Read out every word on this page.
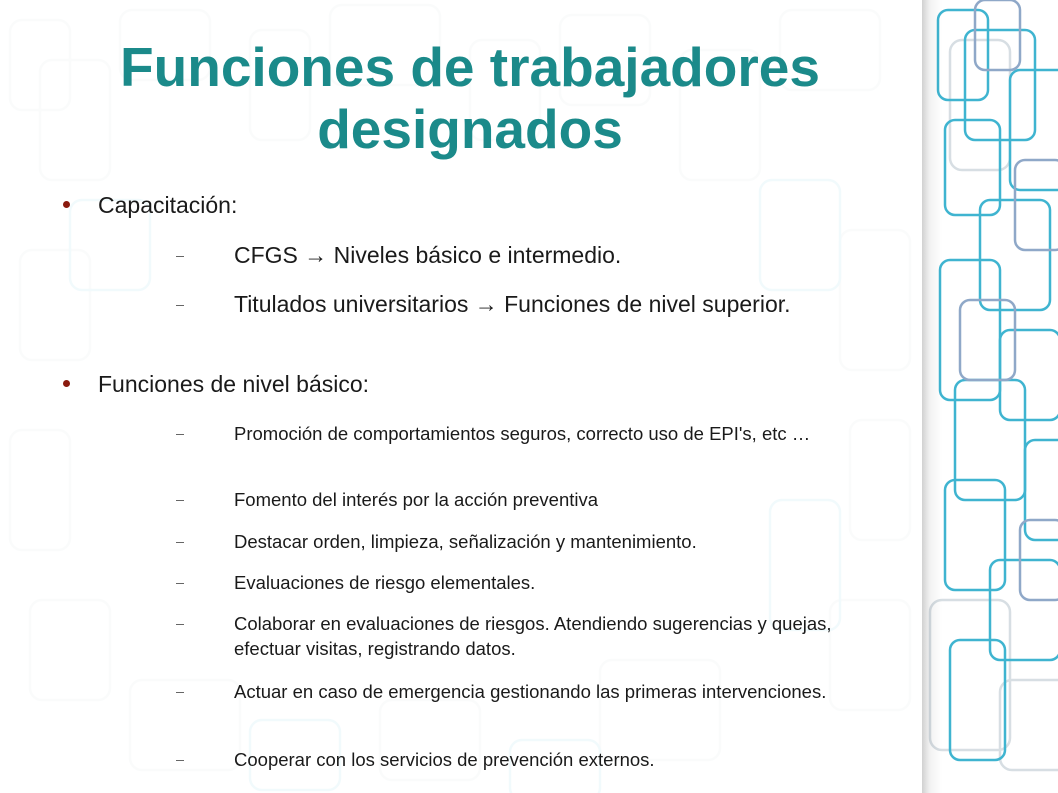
Funciones de trabajadores
designados
Capacitación:
CFGS → Niveles básico e intermedio.
Titulados universitarios → Funciones de nivel superior.
Funciones de nivel básico:
Promoción de comportamientos seguros, correcto uso de EPI's, etc …
Fomento del interés por la acción preventiva
Destacar orden, limpieza, señalización y mantenimiento.
Evaluaciones de riesgo elementales.
Colaborar en evaluaciones de riesgos. Atendiendo sugerencias y quejas, efectuar visitas, registrando datos.
Actuar en caso de emergencia gestionando las primeras intervenciones.
Cooperar con los servicios de prevención externos.
